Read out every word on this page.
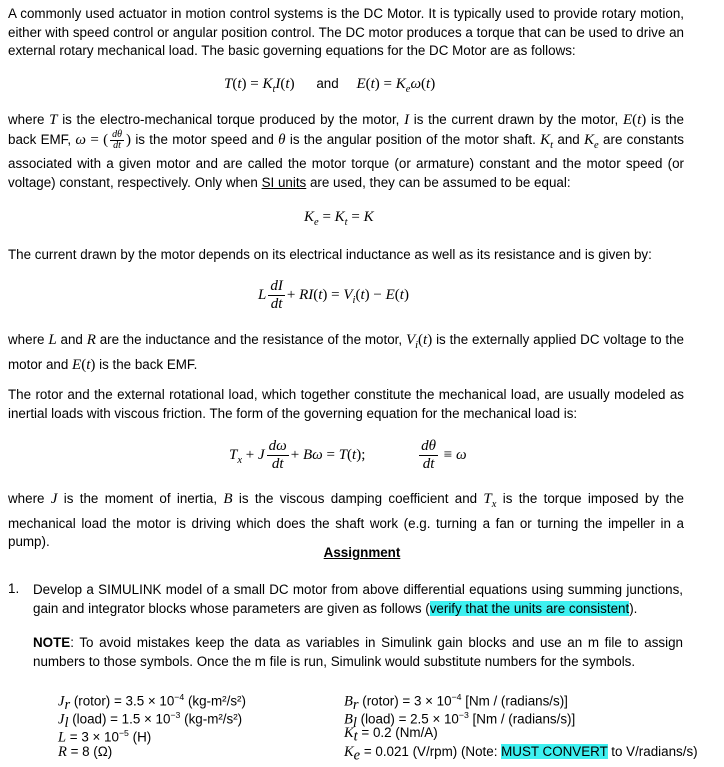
A commonly used actuator in motion control systems is the DC Motor. It is typically used to provide rotary motion, either with speed control or angular position control. The DC motor produces a torque that can be used to drive an external rotary mechanical load. The basic governing equations for the DC Motor are as follows:

$T(t) = K_tI(t)$ and $E(t) = K_e\omega(t)$
where T is the electro-mechanical torque produced by the motor, I is the current drawn by the motor, E(t) is the back EMF, ω = ( $\frac{d\theta}{dt}$ ) is the motor speed and θ is the angular position of the motor shaft. $K_t$ and $K_e$ are constants associated with a given motor and are called the motor torque (or armature) constant and the motor speed (or voltage) constant, respectively. Only when SI units are used, they can be assumed to be equal:
$K_e = K_t = K$

The current drawn by the motor depends on its electrical inductance as well as its resistance and is given by:

L $\frac{dI}{dt} + RI(t) = V_i(t) - E(t)$
where L and R are the inductance and the resistance of the motor, $V_i(t)$ is the externally applied DC voltage to the motor and E(t) is the back EMF.

The rotor and the external rotational load, which together constitute the mechanical load, are usually modeled as inertial loads with viscous friction. The form of the governing equation for the mechanical load is:

$T_x + J \frac{d\omega}{dt} + B\omega = T(t)$;	$\frac{d\theta}{dt} \equiv \omega$
where J is the moment of inertia, B is the viscous damping coefficient and $T_x$ is the torque imposed by the mechanical load the motor is driving which does the shaft work (e.g. turning a fan or turning the impeller in a pump).
Assignment
1. Develop a SIMULINK model of a small DC motor from above differential equations using summing junctions, gain and integrator blocks whose parameters are given as follows (verify that the units are consistent).
NOTE: To avoid mistakes keep the data as variables in Simulink gain blocks and use an m file to assign numbers to those symbols. Once the m file is run, Simulink would substitute numbers for the symbols.
$J_r$ (rotor) = $3.5 \times 10^{-4}$ (kg-m²/s²)
$J_l$ (load) = $1.5 \times 10^{-3}$ (kg-m²/s²)
$L = 3 \times 10^{-5}$ (H)
R = 8 (Ω)
$B_r$ (rotor) = $3 \times 10^{-4}$ [Nm / (radians/s)]
$B_l$ (load) = $2.5 \times 10^{-3}$ [Nm / (radians/s)]
$K_t = 0.2$ (Nm/A)
$K_e = 0.021$ (V/rpm) (Note: MUST CONVERT to V/radians/s)
